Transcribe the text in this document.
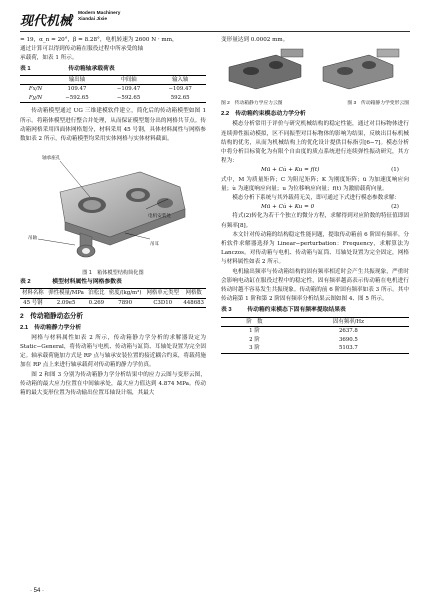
现代机械
Modern Machinery
Xiandai Jixie

= 19，α_n = 20°，β = 8.28°，电机转速为 2600 N · mm，

通过计算可以得到传动箱在服役过程中所承受的轴

承载荷，如表 1 所示。

表 1	传动箱轴承载荷表
	输出轴	中间轴	输入轴
Fx/N	109.47	−109.47	−109.47
Fy/N	−592.65	−592.65	592.65

传动箱模型通过 UG 三维建模软件建立，简化后的传动箱模型如图 1 所示。将箱体模型进行整合并处理，从而保证模型划分出的网格共节点。传动箱网格采用四面体网格划分，材料采用 45 号钢，具体材料属性与网格参数如表 2 所示，传动箱模型均采用实体网格与实体材料截面。

轴承座孔
电机安装处
吊轴
吊耳
图 1　箱体模型结构简化图
表 2	模型材料属性与网格参数表
材料名称	弹性模量/MPa	泊松比	密度/(kg/m³)	网格单元类型	网格数
45 号钢	2.09e5	0.269	7890	C3D10	448683
2　传动箱静动态分析
2.1　传动箱静力学分析

网格与材料属性如表 2 所示，传动箱静力学分析的求解器设定为 Static−General，将传动箱与电机、传动箱与缸筒、耳轴处设置为完全固定。轴承载荷施加方式是 RP 点与轴承安装位置的接近耦合约束，将载荷施加在 RP 点上来进行轴承载荷对传动箱的静力学仿真。

图 2 和图 3 分别为传动箱静力学分析结果中的应力云图与变形云图，传动箱的最大应力位置在中间轴承处，最大应力值达到 4.874 MPa。传动箱的最大变形位置为传动输出位置耳轴设计端，其最大

变形量达到 0.0002 mm。

图 2　传动箱静力学应力云图	图 3　传动箱静力学变形云图
2.2　传动箱约束模态动力学分析

模态分析常用于评价与研究机械结构的稳定性能，通过对目标物体进行连续弹性振动模拟，区不同振型对目标物体的影响为结果，反映出目标机械结构的优劣，从而为机械结构上的优化设计提供目标指引[6−7]。模态分析中将分析目标简化为有限个自由度的质点系统进行连续弹性振动研究，其方程为：

Mü + Cu̇ + Ku = f(t)	(1)

式中，M 为质量矩阵；C 为阻尼矩阵；K 为刚度矩阵；ü 为加速度响应向量；u̇ 为速度响应向量；u 为位移响应向量；f(t) 为激励载荷向量。

模态分析下系统与其外载荷无关，即可通过下式进行模态参数求解：

Mü + Cu̇ + Ku = 0	(2)

将式(2)转化为若干个独立的微分方程，求解得到对应阶数的特征值即固有频率[8]。

本文针对传动箱的结构稳定性能问题，提取传动箱前 6 阶固有频率。分析软件求解器选择为 Linear−perturbation：Frequency，求解算法为 Lanczos。对传动箱与电机、传动箱与缸筒、耳轴处设置为完全固定，网格与材料属性如表 2 所示。

电机输出频率与传动箱结构的固有频率相近时会产生共振现象，严重时会影响电动缸在服役过程中的稳定性，固有频率越高表示传动箱在电机进行转动时越不容易发生共振现象。传动箱的前 6 阶固有频率如表 3 所示。其中传动箱第 1 阶和第 2 阶固有频率分析结果云图如图 4、图 5 所示。

表 3	传动箱约束模态下固有频率提取结果表
阶　数	固有频率/Hz
1 阶	2637.8
2 阶	3690.5
3 阶	5103.7
· 54 ·
